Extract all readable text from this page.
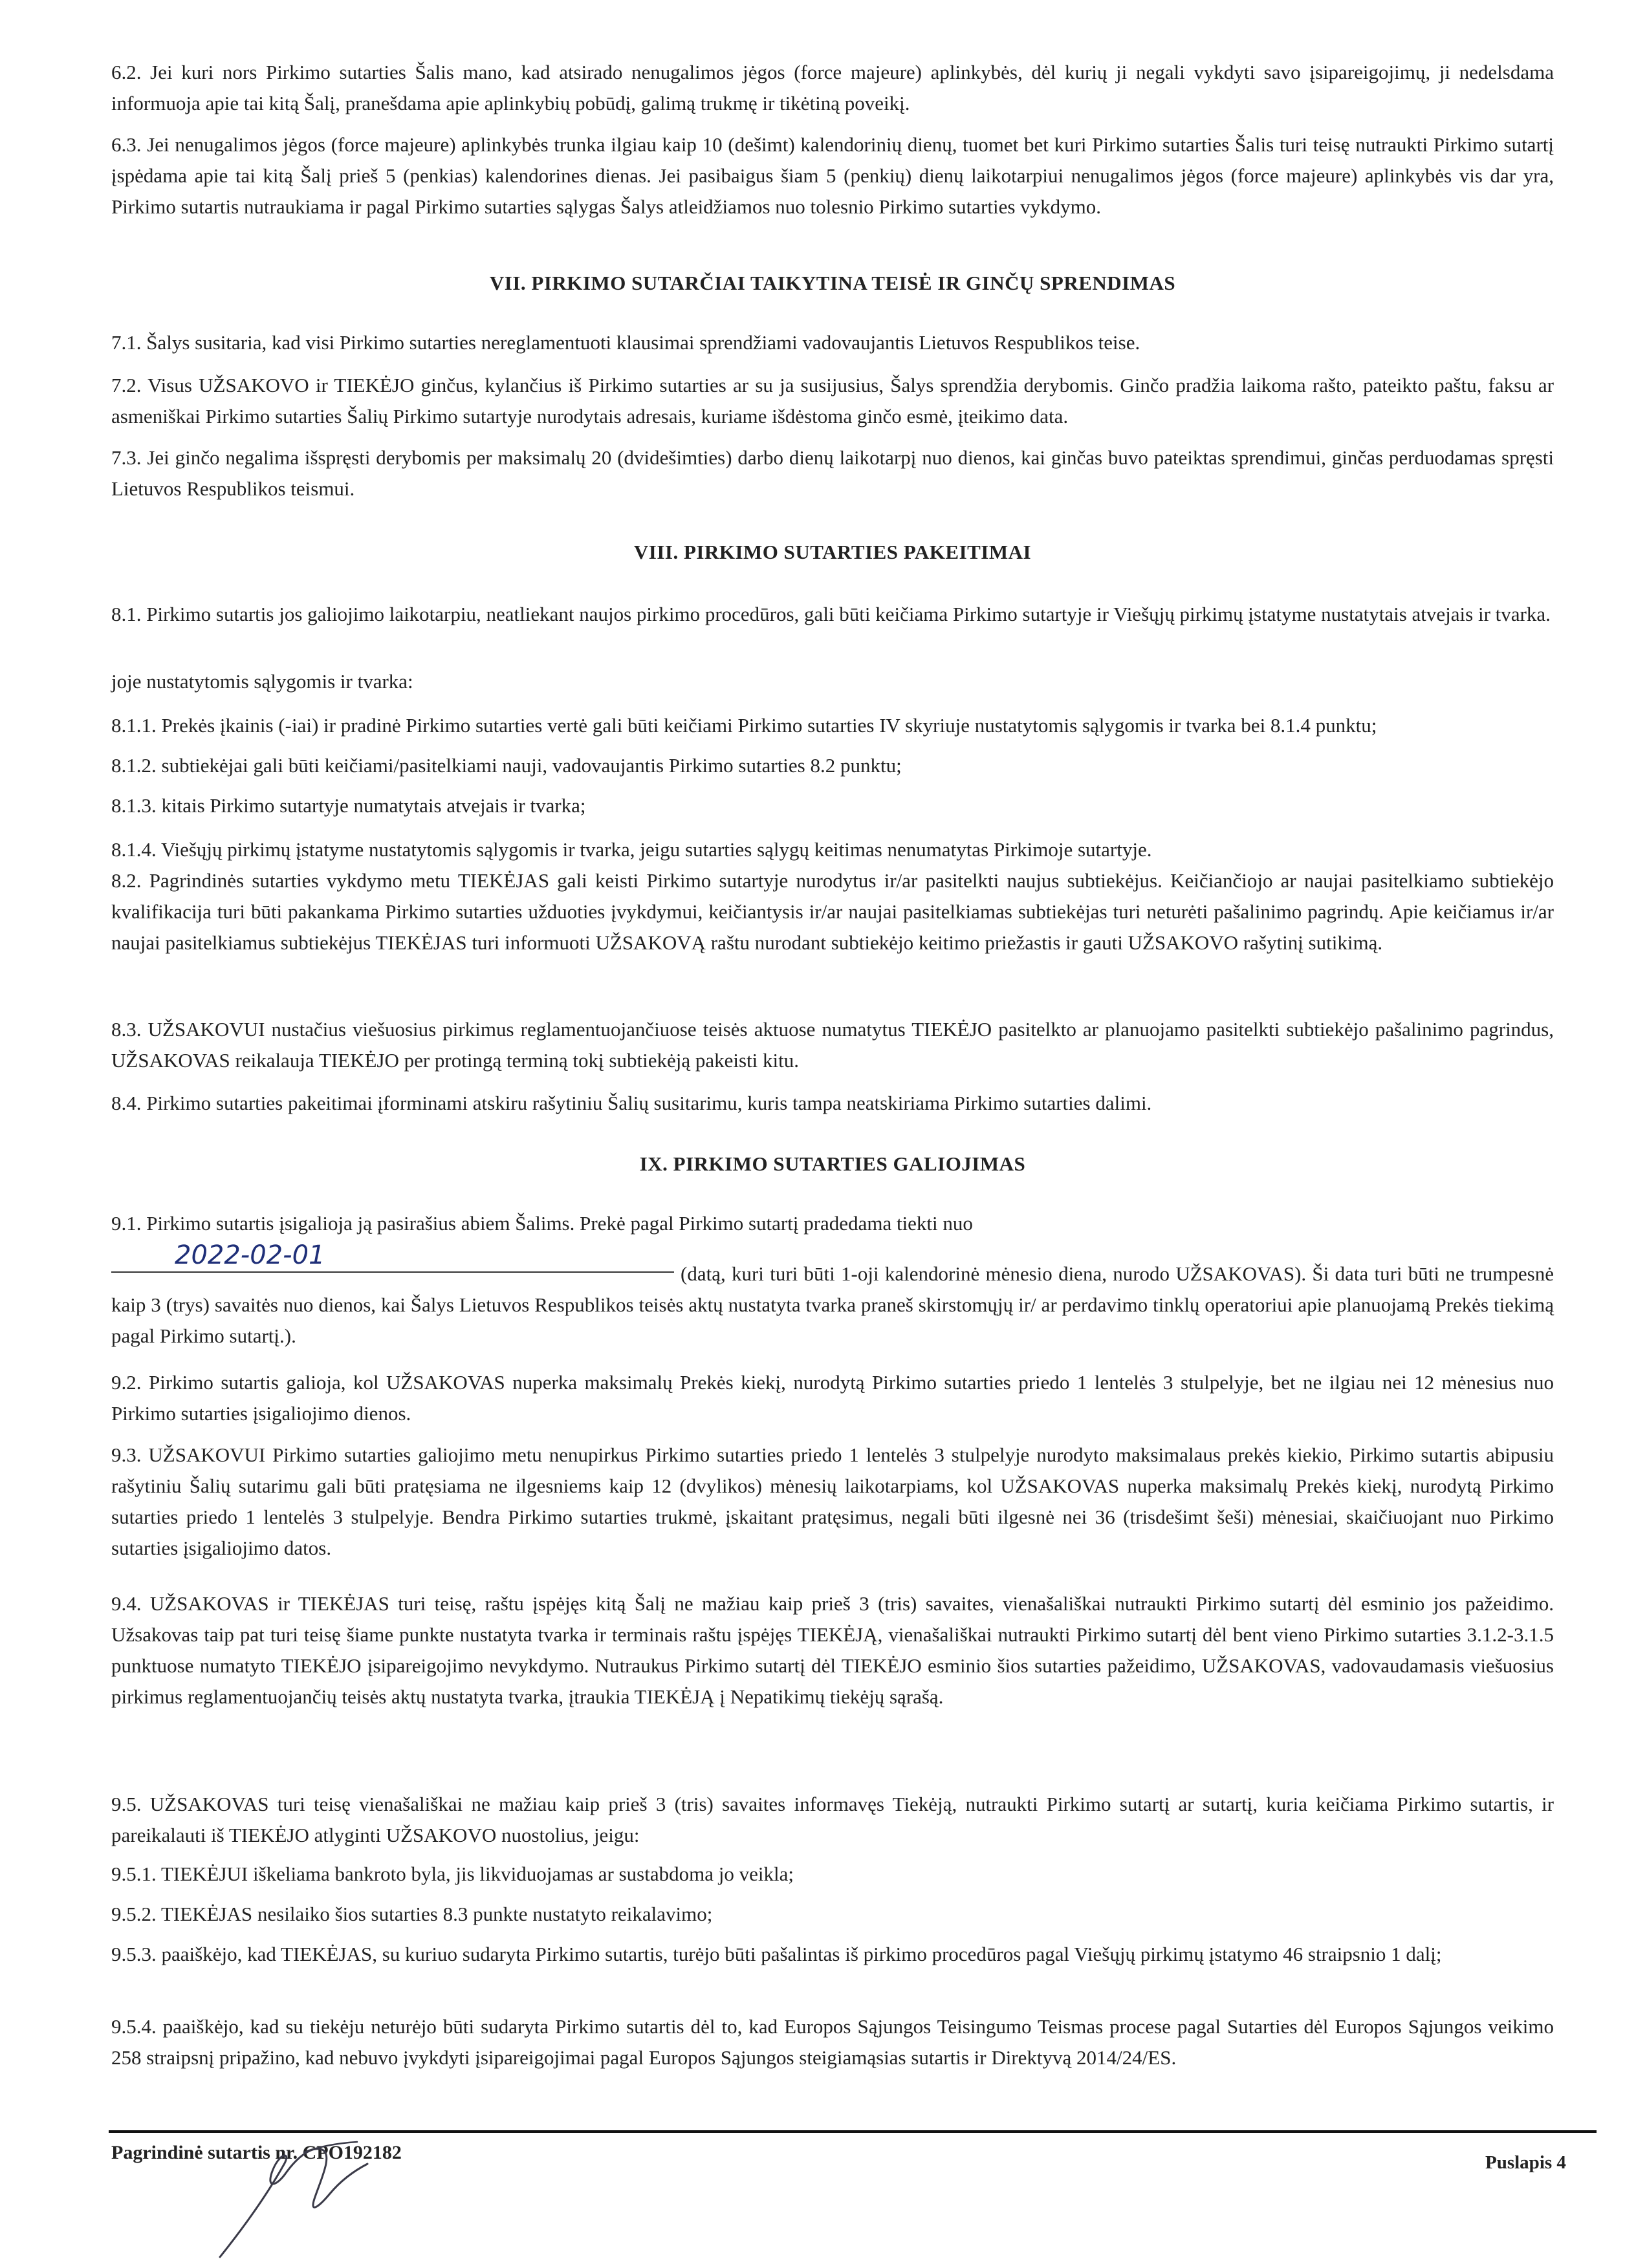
6.2. Jei kuri nors Pirkimo sutarties Šalis mano, kad atsirado nenugalimos jėgos (force majeure) aplinkybės, dėl kurių ji negali vykdyti savo įsipareigojimų, ji nedelsdama informuoja apie tai kitą Šalį, pranešdama apie aplinkybių pobūdį, galimą trukmę ir tikėtiną poveikį.

6.3. Jei nenugalimos jėgos (force majeure) aplinkybės trunka ilgiau kaip 10 (dešimt) kalendorinių dienų, tuomet bet kuri Pirkimo sutarties Šalis turi teisę nutraukti Pirkimo sutartį įspėdama apie tai kitą Šalį prieš 5 (penkias) kalendorines dienas. Jei pasibaigus šiam 5 (penkių) dienų laikotarpiui nenugalimos jėgos (force majeure) aplinkybės vis dar yra, Pirkimo sutartis nutraukiama ir pagal Pirkimo sutarties sąlygas Šalys atleidžiamos nuo tolesnio Pirkimo sutarties vykdymo.

VII. PIRKIMO SUTARČIAI TAIKYTINA TEISĖ IR GINČŲ SPRENDIMAS

7.1. Šalys susitaria, kad visi Pirkimo sutarties nereglamentuoti klausimai sprendžiami vadovaujantis Lietuvos Respublikos teise.

7.2. Visus UŽSAKOVO ir TIEKĖJO ginčus, kylančius iš Pirkimo sutarties ar su ja susijusius, Šalys sprendžia derybomis. Ginčo pradžia laikoma rašto, pateikto paštu, faksu ar asmeniškai Pirkimo sutarties Šalių Pirkimo sutartyje nurodytais adresais, kuriame išdėstoma ginčo esmė, įteikimo data.

7.3. Jei ginčo negalima išspręsti derybomis per maksimalų 20 (dvidešimties) darbo dienų laikotarpį nuo dienos, kai ginčas buvo pateiktas sprendimui, ginčas perduodamas spręsti Lietuvos Respublikos teismui.

VIII. PIRKIMO SUTARTIES PAKEITIMAI

8.1. Pirkimo sutartis jos galiojimo laikotarpiu, neatliekant naujos pirkimo procedūros, gali būti keičiama Pirkimo sutartyje ir Viešųjų pirkimų įstatyme nustatytais atvejais ir tvarka.

joje nustatytomis sąlygomis ir tvarka:

8.1.1. Prekės įkainis (-iai) ir pradinė Pirkimo sutarties vertė gali būti keičiami Pirkimo sutarties IV skyriuje nustatytomis sąlygomis ir tvarka bei 8.1.4 punktu;

8.1.2. subtiekėjai gali būti keičiami/pasitelkiami nauji, vadovaujantis Pirkimo sutarties 8.2 punktu;

8.1.3. kitais Pirkimo sutartyje numatytais atvejais ir tvarka;

8.1.4. Viešųjų pirkimų įstatyme nustatytomis sąlygomis ir tvarka, jeigu sutarties sąlygų keitimas nenumatytas Pirkimoje sutartyje.

8.2. Pagrindinės sutarties vykdymo metu TIEKĖJAS gali keisti Pirkimo sutartyje nurodytus ir/ar pasitelkti naujus subtiekėjus. Keičiančiojo ar naujai pasitelkiamo subtiekėjo kvalifikacija turi būti pakankama Pirkimo sutarties užduoties įvykdymui, keičiantysis ir/ar naujai pasitelkiamas subtiekėjas turi neturėti pašalinimo pagrindų. Apie keičiamus ir/ar naujai pasitelkiamus subtiekėjus TIEKĖJAS turi informuoti UŽSAKOVĄ raštu nurodant subtiekėjo keitimo priežastis ir gauti UŽSAKOVO rašytinį sutikimą.

8.3. UŽSAKOVUI nustačius viešuosius pirkimus reglamentuojančiuose teisės aktuose numatytus TIEKĖJO pasitelkto ar planuojamo pasitelkti subtiekėjo pašalinimo pagrindus, UŽSAKOVAS reikalauja TIEKĖJO per protingą terminą tokį subtiekėją pakeisti kitu.

8.4. Pirkimo sutarties pakeitimai įforminami atskiru rašytiniu Šalių susitarimu, kuris tampa neatskiriama Pirkimo sutarties dalimi.

IX. PIRKIMO SUTARTIES GALIOJIMAS

9.1. Pirkimo sutartis įsigalioja ją pasirašius abiem Šalims. Prekė pagal Pirkimo sutartį pradedama tiekti nuo

2022-02-01

(datą, kuri turi būti 1-oji kalendorinė mėnesio diena, nurodo UŽSAKOVAS). Ši data turi būti ne trumpesnė kaip 3 (trys) savaitės nuo dienos, kai Šalys Lietuvos Respublikos teisės aktų nustatyta tvarka praneš skirstomųjų ir/ ar perdavimo tinklų operatoriui apie planuojamą Prekės tiekimą pagal Pirkimo sutartį.).

9.2. Pirkimo sutartis galioja, kol UŽSAKOVAS nuperka maksimalų Prekės kiekį, nurodytą Pirkimo sutarties priedo 1 lentelės 3 stulpelyje, bet ne ilgiau nei 12 mėnesius nuo Pirkimo sutarties įsigaliojimo dienos.

9.3. UŽSAKOVUI Pirkimo sutarties galiojimo metu nenupirkus Pirkimo sutarties priedo 1 lentelės 3 stulpelyje nurodyto maksimalaus prekės kiekio, Pirkimo sutartis abipusiu rašytiniu Šalių sutarimu gali būti pratęsiama ne ilgesniems kaip 12 (dvylikos) mėnesių laikotarpiams, kol UŽSAKOVAS nuperka maksimalų Prekės kiekį, nurodytą Pirkimo sutarties priedo 1 lentelės 3 stulpelyje. Bendra Pirkimo sutarties trukmė, įskaitant pratęsimus, negali būti ilgesnė nei 36 (trisdešimt šeši) mėnesiai, skaičiuojant nuo Pirkimo sutarties įsigaliojimo datos.

9.4. UŽSAKOVAS ir TIEKĖJAS turi teisę, raštu įspėjęs kitą Šalį ne mažiau kaip prieš 3 (tris) savaites, vienašališkai nutraukti Pirkimo sutartį dėl esminio jos pažeidimo. Užsakovas taip pat turi teisę šiame punkte nustatyta tvarka ir terminais raštu įspėjęs TIEKĖJĄ, vienašališkai nutraukti Pirkimo sutartį dėl bent vieno Pirkimo sutarties 3.1.2-3.1.5 punktuose numatyto TIEKĖJO įsipareigojimo nevykdymo. Nutraukus Pirkimo sutartį dėl TIEKĖJO esminio šios sutarties pažeidimo, UŽSAKOVAS, vadovaudamasis viešuosius pirkimus reglamentuojančių teisės aktų nustatyta tvarka, įtraukia TIEKĖJĄ į Nepatikimų tiekėjų sąrašą.

9.5. UŽSAKOVAS turi teisę vienašališkai ne mažiau kaip prieš 3 (tris) savaites informavęs Tiekėją, nutraukti Pirkimo sutartį ar sutartį, kuria keičiama Pirkimo sutartis, ir pareikalauti iš TIEKĖJO atlyginti UŽSAKOVO nuostolius, jeigu:

9.5.1. TIEKĖJUI iškeliama bankroto byla, jis likviduojamas ar sustabdoma jo veikla;

9.5.2. TIEKĖJAS nesilaiko šios sutarties 8.3 punkte nustatyto reikalavimo;

9.5.3. paaiškėjo, kad TIEKĖJAS, su kuriuo sudaryta Pirkimo sutartis, turėjo būti pašalintas iš pirkimo procedūros pagal Viešųjų pirkimų įstatymo 46 straipsnio 1 dalį;

9.5.4. paaiškėjo, kad su tiekėju neturėjo būti sudaryta Pirkimo sutartis dėl to, kad Europos Sąjungos Teisingumo Teismas procese pagal Sutarties dėl Europos Sąjungos veikimo 258 straipsnį pripažino, kad nebuvo įvykdyti įsipareigojimai pagal Europos Sąjungos steigiamąsias sutartis ir Direktyvą 2014/24/ES.

Pagrindinė sutartis nr. CPO192182	Puslapis 4
